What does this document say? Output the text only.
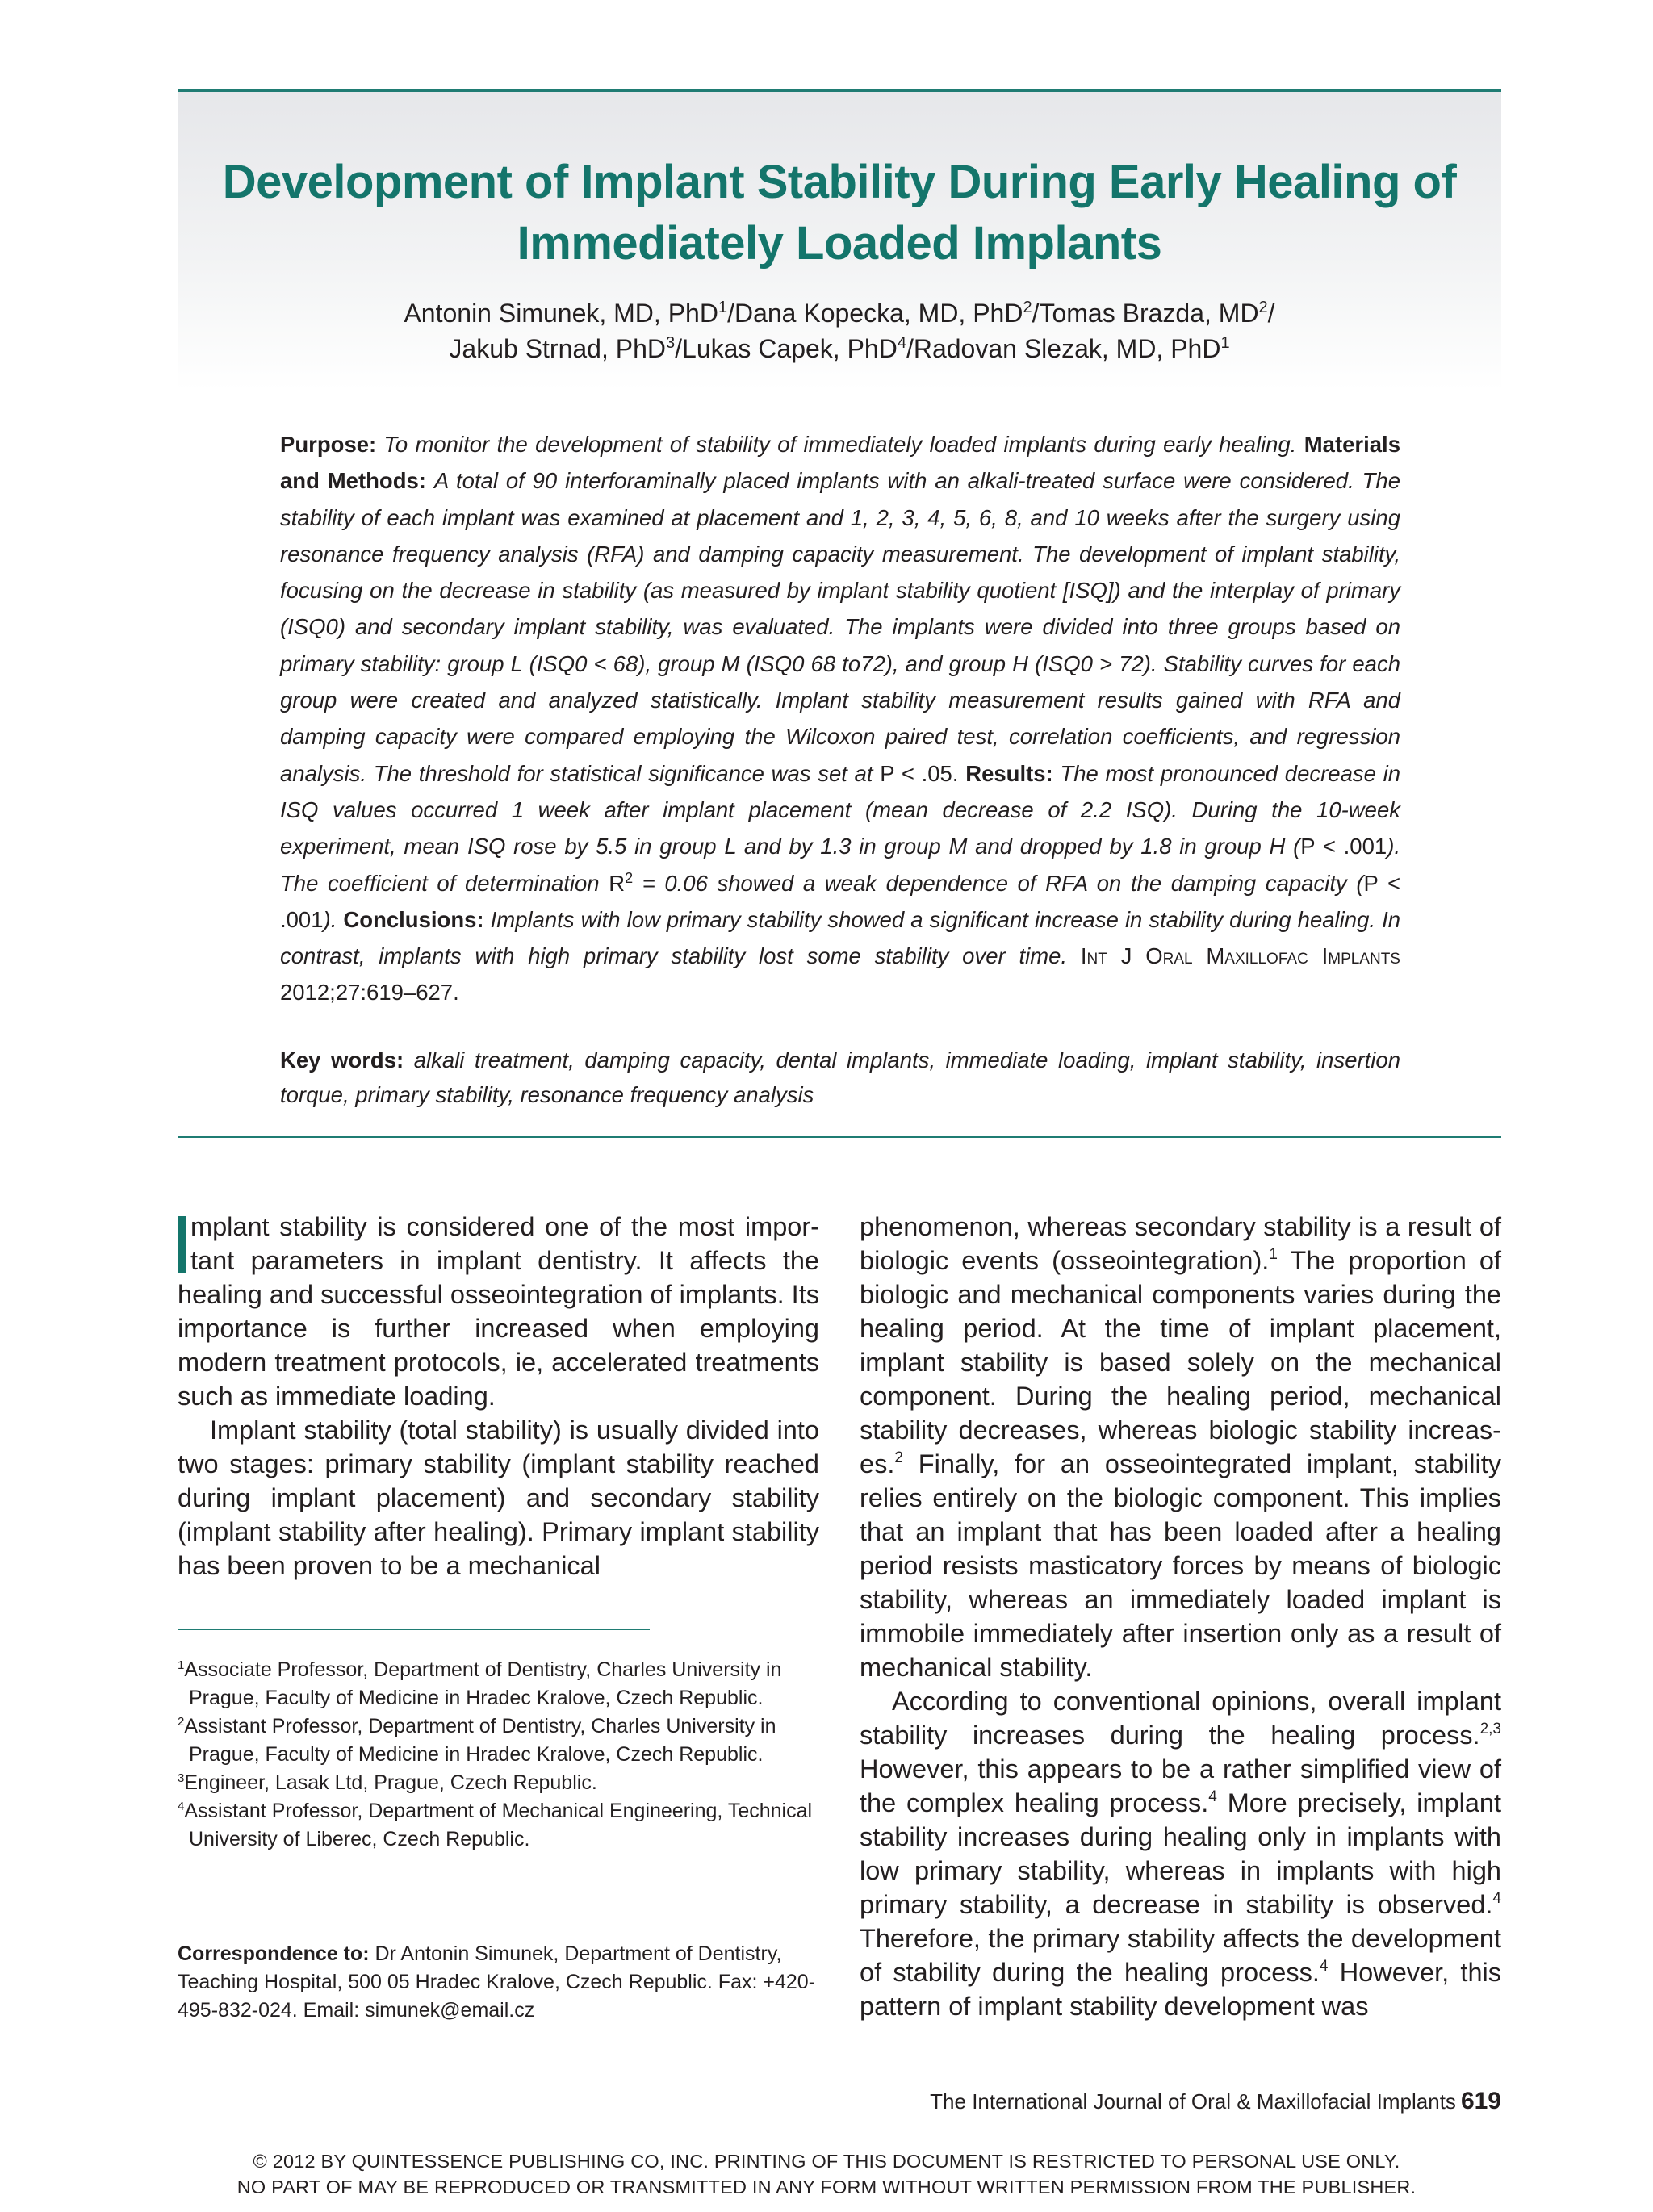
Development of Implant Stability During Early Healing of
Immediately Loaded Implants
Antonin Simunek, MD, PhD$^1$/Dana Kopecka, MD, PhD$^2$/Tomas Brazda, $MD^2/$
Jakub Strnad, PhD$^3$/Lukas Capek, PhD$^4$/Radovan Slezak, MD, PhD$^1$
Purpose: To monitor the development of stability of immediately loaded implants during early healing. Materials and Methods: A total of 90 interforaminally placed implants with an alkali-treated surface were considered. The stability of each implant was examined at placement and 1, 2, 3, 4, 5, 6, 8, and 10 weeks after the surgery using resonance frequency analysis (RFA) and damping capacity measurement. The development of implant stability, focusing on the decrease in stability (as measured by implant stability quotient [ISQ]) and the interplay of primary (ISQ0) and secondary implant stability, was evaluated. The implants were divided into three groups based on primary stability: group L (ISQ0 < 68), group M (ISQ0 68 to72), and group H (ISQ0 > 72). Stability curves for each group were created and analyzed statistically. Implant stability measurement results gained with RFA and damping capacity were compared employing the Wilcoxon paired test, correlation coefficients, and regression analysis. The threshold for statistical significance was set at P < .05. Results: The most pronounced decrease in ISQ values occurred 1 week after implant placement (mean decrease of 2.2 ISQ). During the 10-week experiment, mean ISQ rose by 5.5 in group L and by 1.3 in group M and dropped by 1.8 in group H (P < .001). The coefficient of determination $R^2 = 0.06$ showed a weak dependence of RFA on the damping capacity (P < .001). Conclusions: Implants with low primary stability showed a significant increase in stability during healing. In contrast, implants with high primary stability lost some stability over time. Int J Oral Maxillofac Implants 2012;27:619–627.
Key words: alkali treatment, damping capacity, dental implants, immediate loading, implant stability, insertion torque, primary stability, resonance frequency analysis

mplant stability is considered one of the most important parameters in implant dentistry. It affects the healing and successful osseointegration of implants. Its importance is further increased when employing modern treatment protocols, ie, accelerated treatments such as immediate loading.

Implant stability (total stability) is usually divided into two stages: primary stability (implant stability reached during implant placement) and secondary stability (implant stability after healing). Primary implant stability has been proven to be a mechanical

$^1$Associate Professor, Department of Dentistry, Charles University in Prague, Faculty of Medicine in Hradec Kralove, Czech Republic.

$^2$Assistant Professor, Department of Dentistry, Charles University in Prague, Faculty of Medicine in Hradec Kralove, Czech Republic.

$^3$Engineer, Lasak Ltd, Prague, Czech Republic.

$^4$Assistant Professor, Department of Mechanical Engineering, Technical University of Liberec, Czech Republic.

Correspondence to: Dr Antonin Simunek, Department of Dentistry, Teaching Hospital, 500 05 Hradec Kralove, Czech Republic. Fax: +420-495-832-024. Email: simunek@email.cz

phenomenon, whereas secondary stability is a result of biologic events (osseointegration).$^1$ The proportion of biologic and mechanical components varies during the healing period. At the time of implant placement, implant stability is based solely on the mechanical component. During the healing period, mechanical stability decreases, whereas biologic stability increases.$^2$ Finally, for an osseointegrated implant, stability relies entirely on the biologic component. This implies that an implant that has been loaded after a healing period resists masticatory forces by means of biologic stability, whereas an immediately loaded implant is immobile immediately after insertion only as a result of mechanical stability.

According to conventional opinions, overall implant stability increases during the healing process.$^{2,3}$ However, this appears to be a rather simplified view of the complex healing process.$^4$ More precisely, implant stability increases during healing only in implants with low primary stability, whereas in implants with high primary stability, a decrease in stability is observed.$^4$ Therefore, the primary stability affects the development of stability during the healing process.$^4$ However, this pattern of implant stability development was

The International Journal of Oral & Maxillofacial Implants 619
© 2012 BY QUINTESSENCE PUBLISHING CO, INC. PRINTING OF THIS DOCUMENT IS RESTRICTED TO PERSONAL USE ONLY.
NO PART OF MAY BE REPRODUCED OR TRANSMITTED IN ANY FORM WITHOUT WRITTEN PERMISSION FROM THE PUBLISHER.
